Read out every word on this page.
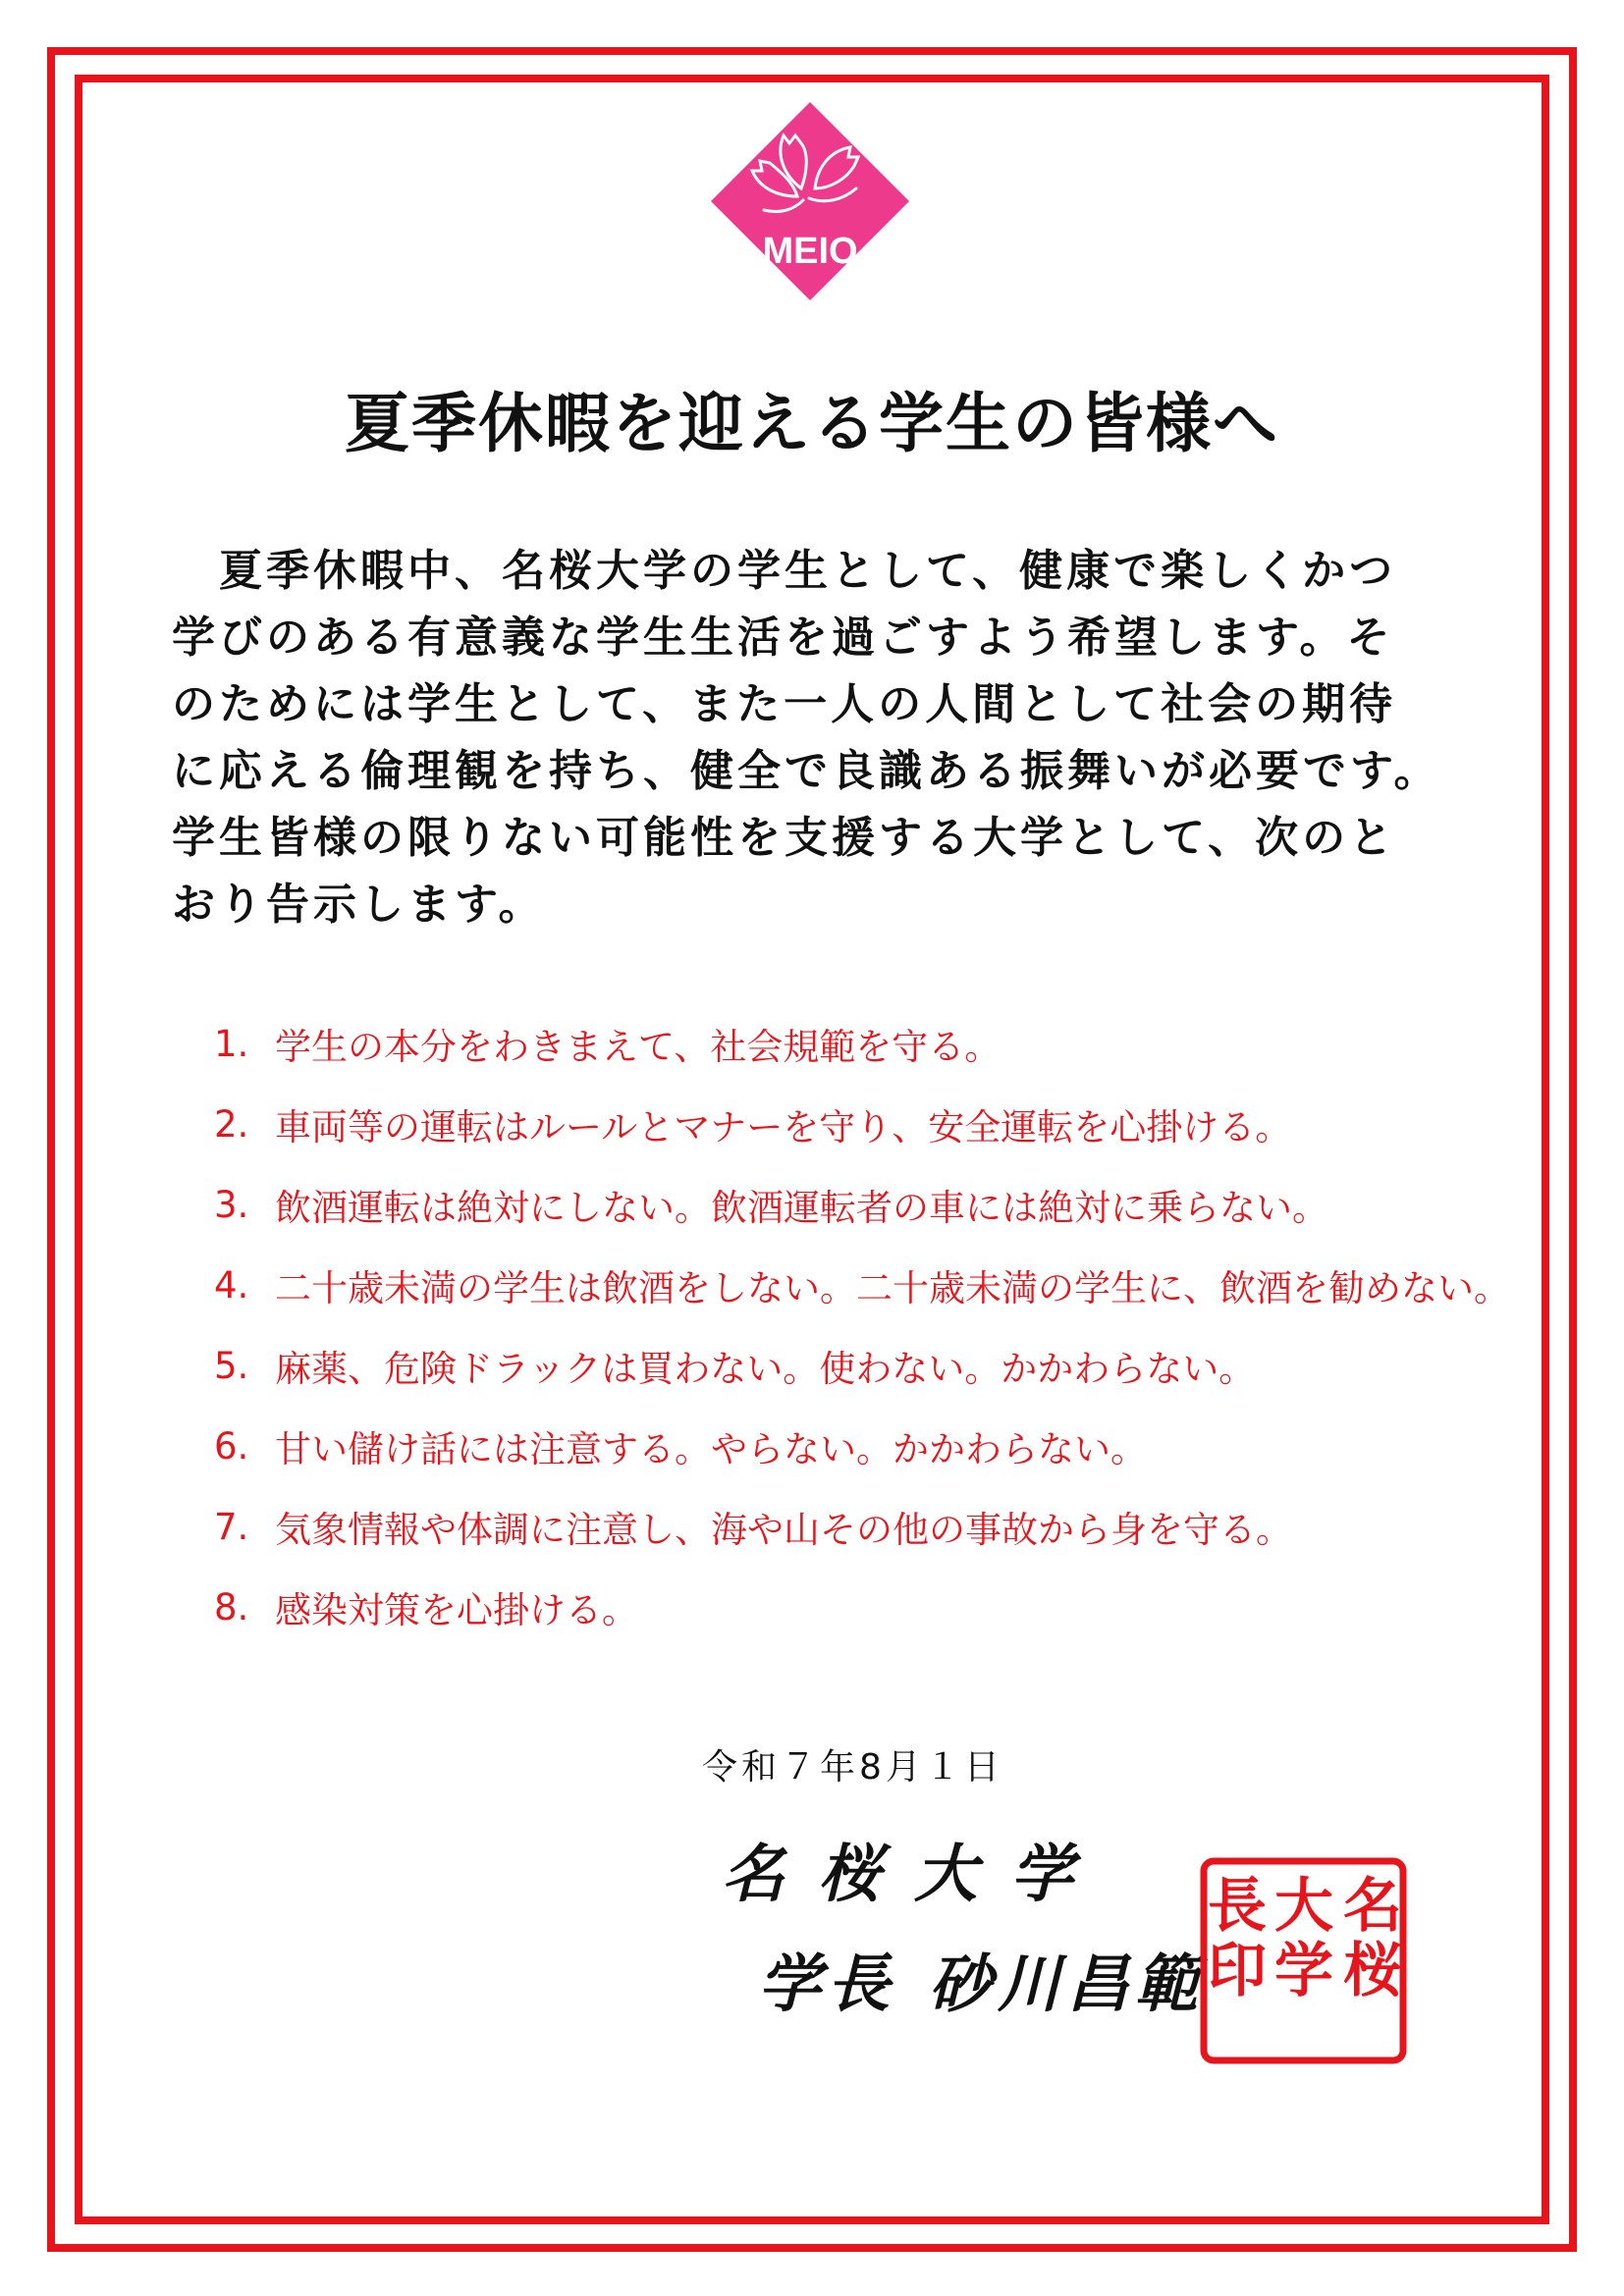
MEIO
夏季休暇を迎える学生の皆様へ
　夏季休暇中、名桜大学の学生として、健康で楽しくかつ
学びのある有意義な学生生活を過ごすよう希望します。そ
のためには学生として、また一人の人間として社会の期待
に応える倫理観を持ち、健全で良識ある振舞いが必要です。
学生皆様の限りない可能性を支援する大学として、次のと
おり告示します。
1. 学生の本分をわきまえて、社会規範を守る。
2. 車両等の運転はルールとマナーを守り、安全運転を心掛ける。
3. 飲酒運転は絶対にしない。飲酒運転者の車には絶対に乗らない。
4. 二十歳未満の学生は飲酒をしない。二十歳未満の学生に、飲酒を勧めない。
5. 麻薬、危険ドラックは買わない。使わない。かかわらない。
6. 甘い儲け話には注意する。やらない。かかわらない。
7. 気象情報や体調に注意し、海や山その他の事故から身を守る。
8. 感染対策を心掛ける。
令和７年8月１日
名桜大学
学長 砂川昌範
名
桜
大
学
長
印
